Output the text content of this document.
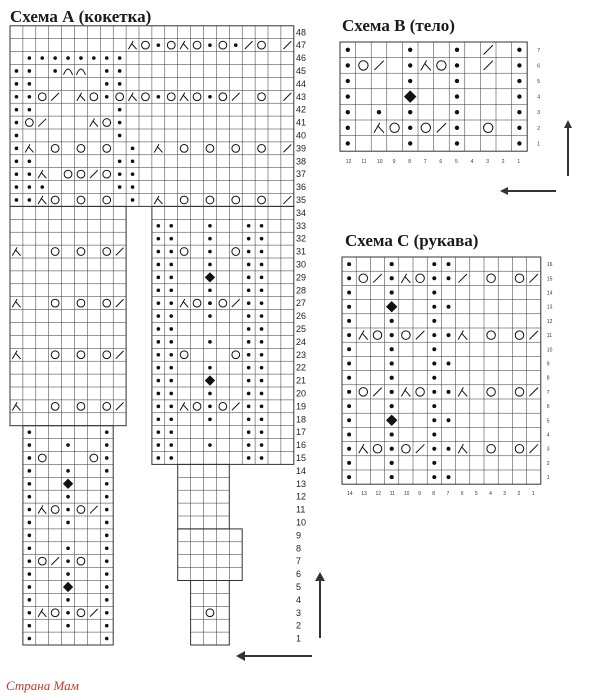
Схема А (кокетка)	Схема В (тело)
Схема С (рукава)
1
2
3
4
5
6
7
8
9
10
11
12
13
14
15
16
17
18
19
20
21
22
23
24
25
26
27
28
29
30
31
32
33
34
35
36
37
38
39
40
41
42
43
44
45
46
47
48
1
2
3
4
5
6
7
12 11 10 9	8	7	6	5	4	3	2	1
1
2
3
4
5
6
7
8
9
10
11
12
13
14
15
16
14 13 12 11 10 9 8 7 6 5 4 3 2 1
Страна Мам
